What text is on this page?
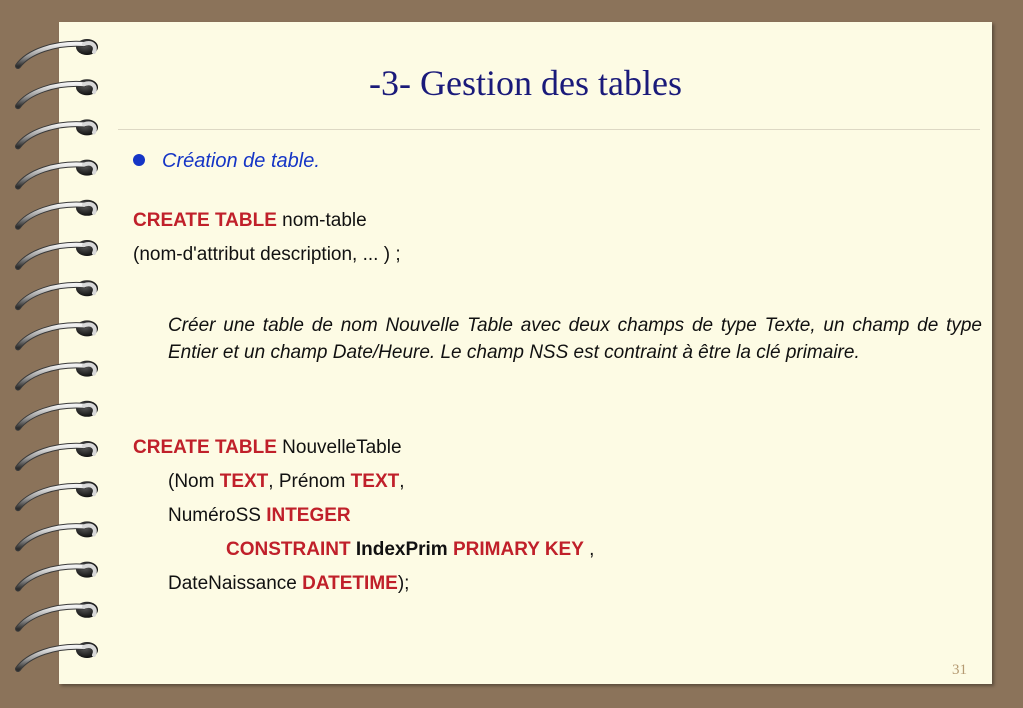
-3- Gestion des tables
Création de table.
CREATE TABLE nom-table
(nom-d'attribut description, ... ) ;
Créer une table de nom Nouvelle Table avec deux champs de type Texte, un champ de type Entier et un champ Date/Heure. Le champ NSS est contraint à être la clé primaire.
CREATE TABLE NouvelleTable
(Nom TEXT, Prénom TEXT,
NuméroSS INTEGER
CONSTRAINT IndexPrim PRIMARY KEY ,
DateNaissance DATETIME);
31
